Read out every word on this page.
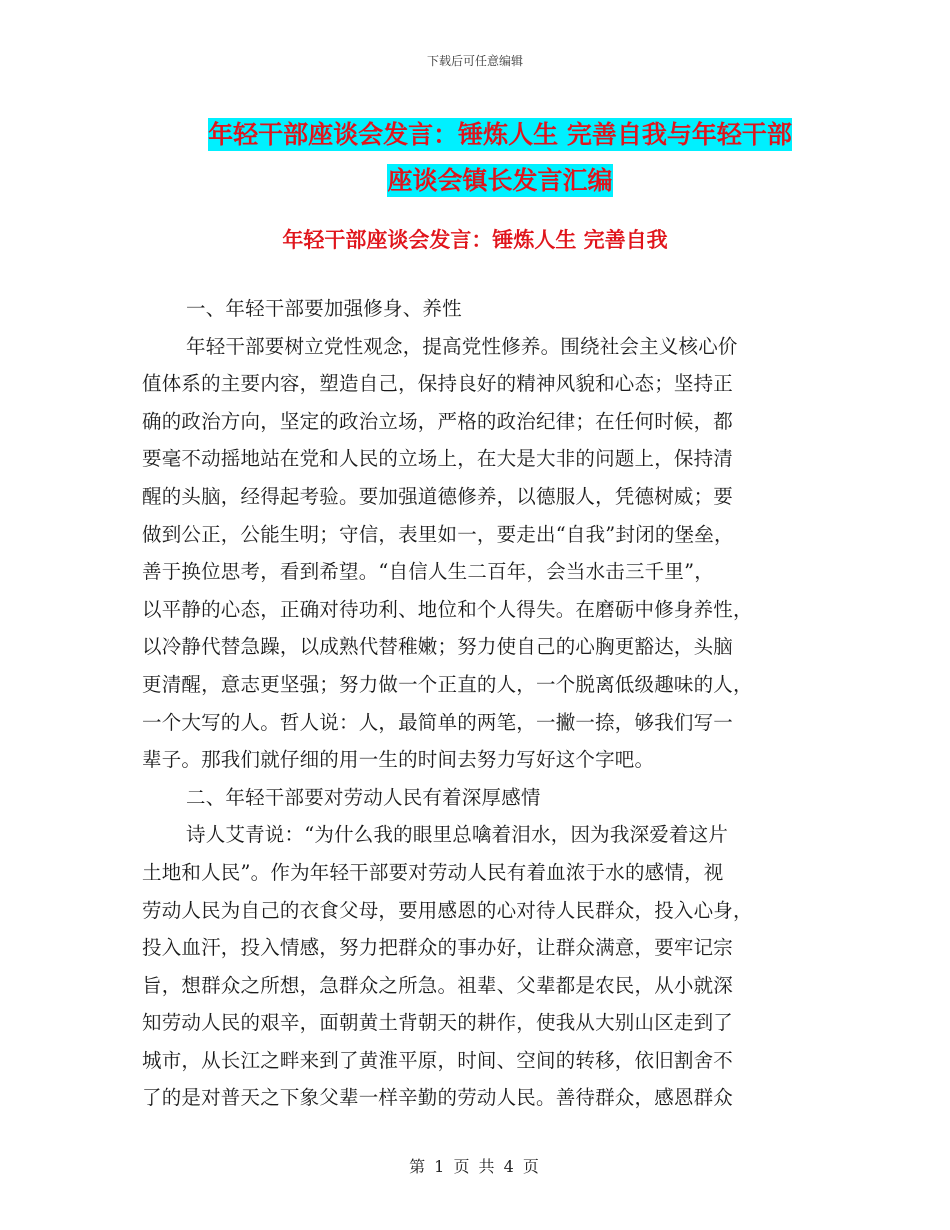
下载后可任意编辑
年轻干部座谈会发言：锤炼人生 完善自我与年轻干部
座谈会镇长发言汇编
年轻干部座谈会发言：锤炼人生 完善自我
一、年轻干部要加强修身、养性
年轻干部要树立党性观念，提高党性修养。围绕社会主义核心价
值体系的主要内容，塑造自己，保持良好的精神风貌和心态；坚持正
确的政治方向，坚定的政治立场，严格的政治纪律；在任何时候，都
要毫不动摇地站在党和人民的立场上，在大是大非的问题上，保持清
醒的头脑，经得起考验。要加强道德修养，以德服人，凭德树威；要
做到公正，公能生明；守信，表里如一，要走出“自我”封闭的堡垒，
善于换位思考，看到希望。“自信人生二百年，会当水击三千里”，
以平静的心态，正确对待功利、地位和个人得失。在磨砺中修身养性，
以冷静代替急躁，以成熟代替稚嫩；努力使自己的心胸更豁达，头脑
更清醒，意志更坚强；努力做一个正直的人，一个脱离低级趣味的人，
一个大写的人。哲人说：人，最简单的两笔，一撇一捺，够我们写一
辈子。那我们就仔细的用一生的时间去努力写好这个字吧。
二、年轻干部要对劳动人民有着深厚感情
诗人艾青说：“为什么我的眼里总噙着泪水，因为我深爱着这片
土地和人民”。作为年轻干部要对劳动人民有着血浓于水的感情，视
劳动人民为自己的衣食父母，要用感恩的心对待人民群众，投入心身，
投入血汗，投入情感，努力把群众的事办好，让群众满意，要牢记宗
旨，想群众之所想，急群众之所急。祖辈、父辈都是农民，从小就深
知劳动人民的艰辛，面朝黄土背朝天的耕作，使我从大别山区走到了
城市，从长江之畔来到了黄淮平原，时间、空间的转移，依旧割舍不
了的是对普天之下象父辈一样辛勤的劳动人民。善待群众，感恩群众
第 1 页 共 4 页
